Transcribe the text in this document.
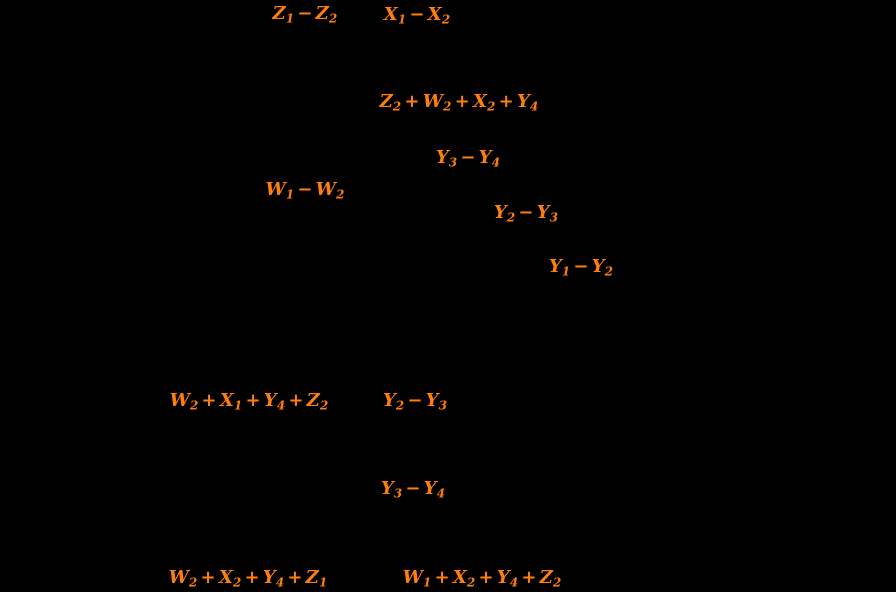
$Z_1 - Z_2$	$X_1 - X_2$
$Z_2 + W_2 + X_2 + Y_4$
$Y_3 - Y_4$
$W_1 - W_2$
$Y_2 - Y_3$
$Y_1 - Y_2$
$W_2 + X_1 + Y_4 + Z_2$	$Y_2 - Y_3$
$Y_3 - Y_4$
$W_2 + X_2 + Y_4 + Z_1$	$W_1 + X_2 + Y_4 + Z_2$
